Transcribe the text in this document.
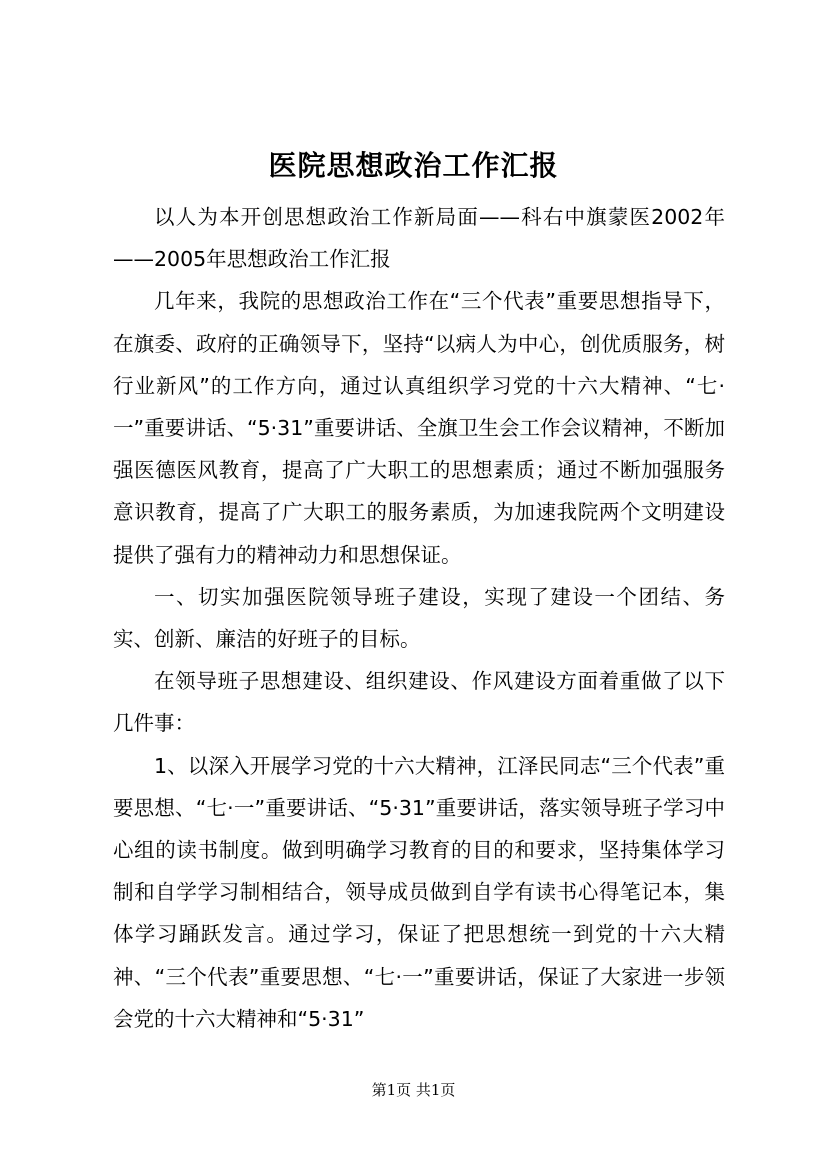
医院思想政治工作汇报

以人为本开创思想政治工作新局面——科右中旗蒙医2002年——2005年思想政治工作汇报

几年来，我院的思想政治工作在“三个代表”重要思想指导下，在旗委、政府的正确领导下，坚持“以病人为中心，创优质服务，树行业新风”的工作方向，通过认真组织学习党的十六大精神、“七·一”重要讲话、“5·31”重要讲话、全旗卫生会工作会议精神，不断加强医德医风教育，提高了广大职工的思想素质；通过不断加强服务意识教育，提高了广大职工的服务素质，为加速我院两个文明建设提供了强有力的精神动力和思想保证。

一、切实加强医院领导班子建设，实现了建设一个团结、务实、创新、廉洁的好班子的目标。

在领导班子思想建设、组织建设、作风建设方面着重做了以下几件事：

1、以深入开展学习党的十六大精神，江泽民同志“三个代表”重要思想、“七·一”重要讲话、“5·31”重要讲话，落实领导班子学习中心组的读书制度。做到明确学习教育的目的和要求，坚持集体学习制和自学学习制相结合，领导成员做到自学有读书心得笔记本，集体学习踊跃发言。通过学习，保证了把思想统一到党的十六大精神、“三个代表”重要思想、“七·一”重要讲话，保证了大家进一步领会党的十六大精神和“5·31”

第1页 共1页
